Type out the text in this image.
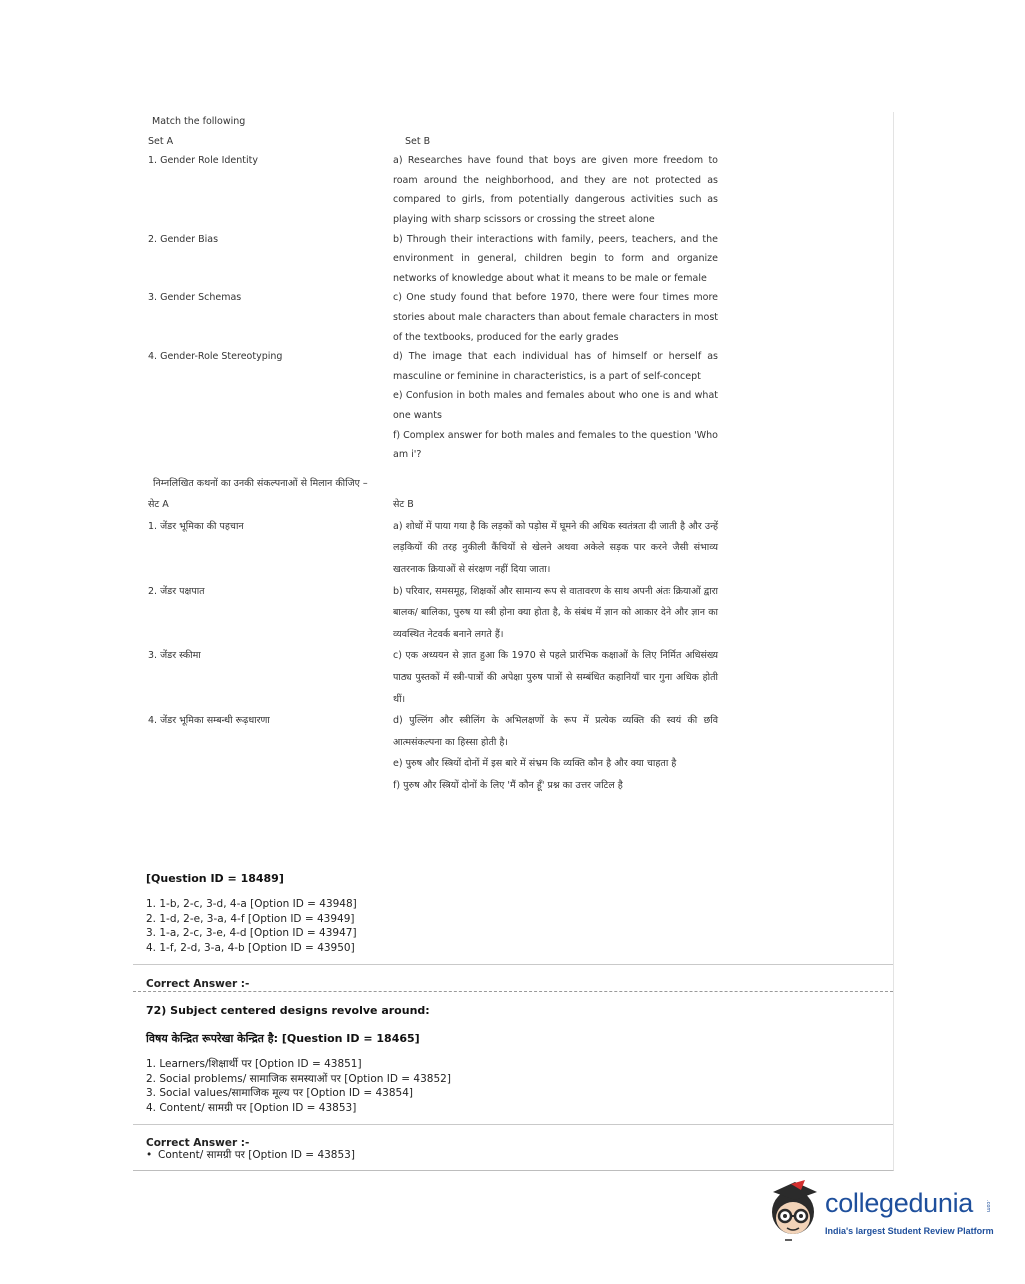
Match the following
Set A	Set B
1. Gender Role Identity	a) Researches have found that boys are given more freedom to roam around the neighborhood, and they are not protected as compared to girls, from potentially dangerous activities such as playing with sharp scissors or crossing the street alone
2. Gender Bias	b) Through their interactions with family, peers, teachers, and the environment in general, children begin to form and organize networks of knowledge about what it means to be male or female
3. Gender Schemas	c) One study found that before 1970, there were four times more stories about male characters than about female characters in most of the textbooks, produced for the early grades
4. Gender-Role Stereotyping	d) The image that each individual has of himself or herself as masculine or feminine in characteristics, is a part of self-concept
e) Confusion in both males and females about who one is and what one wants
f) Complex answer for both males and females to the question 'Who am i'?
निम्नलिखित कथनों का उनकी संकल्पनाओं से मिलान कीजिए –
सेट A	सेट B
1. जेंडर भूमिका की पहचान	a) शोधों में पाया गया है कि लड़कों को पड़ोस में घूमने की अधिक स्वतंत्रता दी जाती है और उन्हें लड़कियों की तरह नुकीली कैंचियों से खेलने अथवा अकेले सड़क पार करने जैसी संभाव्य खतरनाक क्रियाओं से संरक्षण नहीं दिया जाता।
2. जेंडर पक्षपात	b) परिवार, समसमूह, शिक्षकों और सामान्य रूप से वातावरण के साथ अपनी अंतः क्रियाओं द्वारा बालक/ बालिका, पुरुष या स्त्री होना क्या होता है, के संबंध में ज्ञान को आकार देने और ज्ञान का व्यवस्थित नेटवर्क बनाने लगते हैं।
3. जेंडर स्कीमा	c) एक अध्ययन से ज्ञात हुआ कि 1970 से पहले प्रारंभिक कक्षाओं के लिए निर्मित अधिसंख्य पाठ्य पुस्तकों में स्त्री-पात्रों की अपेक्षा पुरुष पात्रों से सम्बंधित कहानियाँ चार गुना अधिक होती थीं।
4. जेंडर भूमिका सम्बन्धी रूढ़धारणा	d) पुल्लिंग और स्त्रीलिंग के अभिलक्षणों के रूप में प्रत्येक व्यक्ति की स्वयं की छवि आत्मसंकल्पना का हिस्सा होती है।
e) पुरुष और स्त्रियों दोनों में इस बारे में संभ्रम कि व्यक्ति कौन है और क्या चाहता है
f) पुरुष और स्त्रियों दोनों के लिए 'मैं कौन हूँ' प्रश्न का उत्तर जटिल है
[Question ID = 18489]
1. 1-b, 2-c, 3-d, 4-a [Option ID = 43948]
2. 1-d, 2-e, 3-a, 4-f [Option ID = 43949]
3. 1-a, 2-c, 3-e, 4-d [Option ID = 43947]
4. 1-f, 2-d, 3-a, 4-b [Option ID = 43950]
Correct Answer :-
72) Subject centered designs revolve around:
विषय केन्द्रित रूपरेखा केन्द्रित है: [Question ID = 18465]
1. Learners/शिक्षार्थी पर [Option ID = 43851]
2. Social problems/ सामाजिक समस्याओं पर [Option ID = 43852]
3. Social values/सामाजिक मूल्य पर [Option ID = 43854]
4. Content/ सामग्री पर [Option ID = 43853]
Correct Answer :-
• Content/ सामग्री पर [Option ID = 43853]
collegedunia .com
India's largest Student Review Platform
